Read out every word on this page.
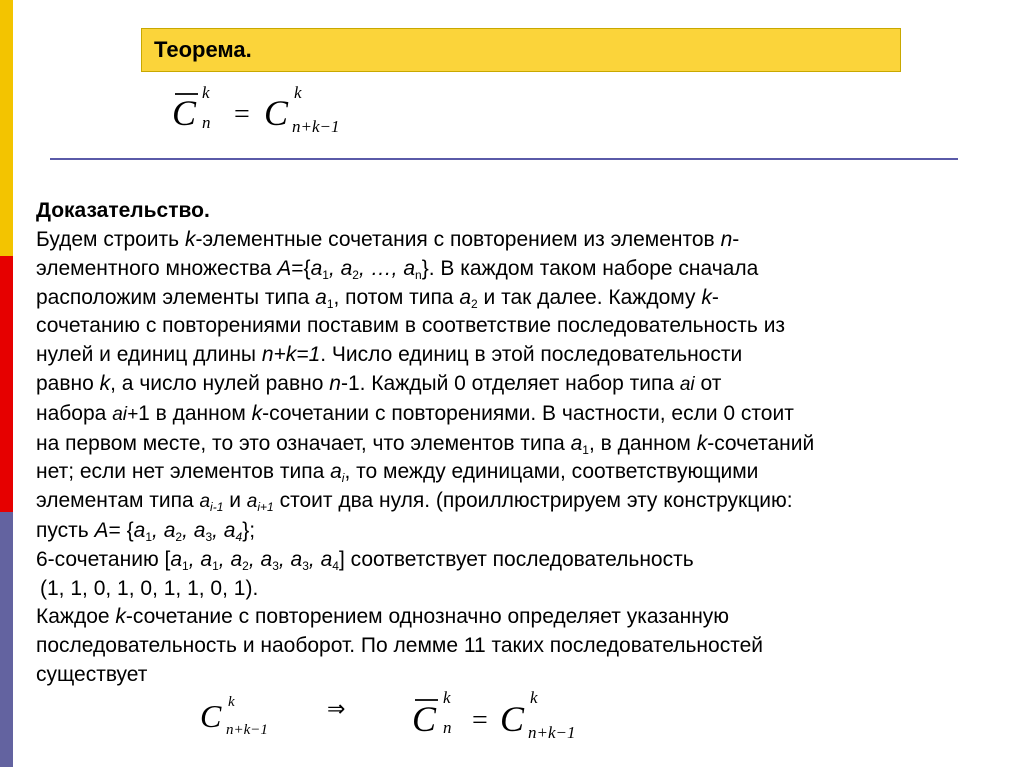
Теорема.
C
k
n = C
k
n+k−1
Доказательство.
Будем строить k-элементные сочетания с повторением из элементов n-
элементного множества $A=\{a_1$, $a_2$, …, $a_n$}. В каждом таком наборе сначала
расположим элементы типа $a_1$, потом типа $a_2$ и так далее. Каждому k-
сочетанию с повторениями поставим в соответствие последовательность из
нулей и единиц длины n+k=1. Число единиц в этой последовательности
равно k, а число нулей равно n-1. Каждый 0 отделяет набор типа ai от
набора ai+1 в данном k-сочетании с повторениями. В частности, если 0 стоит
на первом месте, то это означает, что элементов типа $a_1$, в данном k-сочетаний
нет; если нет элементов типа $a_i$, то между единицами, соответствующими
элементам типа $a_{i-1}$ и $a_{i+1}$ стоит два нуля. (проиллюстрируем эту конструкцию:
пусть $A= \{a_1$, $a_2$, $a_3$, $a_4$};
6-сочетанию [$a_1$, $a_1$, $a_2$, $a_3$, $a_3$, $a_4$] соответствует последовательность
(1, 1, 0, 1, 0, 1, 1, 0, 1).
Каждое k-сочетание с повторением однозначно определяет указанную
последовательность и наоборот. По лемме 11 таких последовательностей
существует
C k
n+k−1
⇒ C
k
n = C
k
n+k−1
